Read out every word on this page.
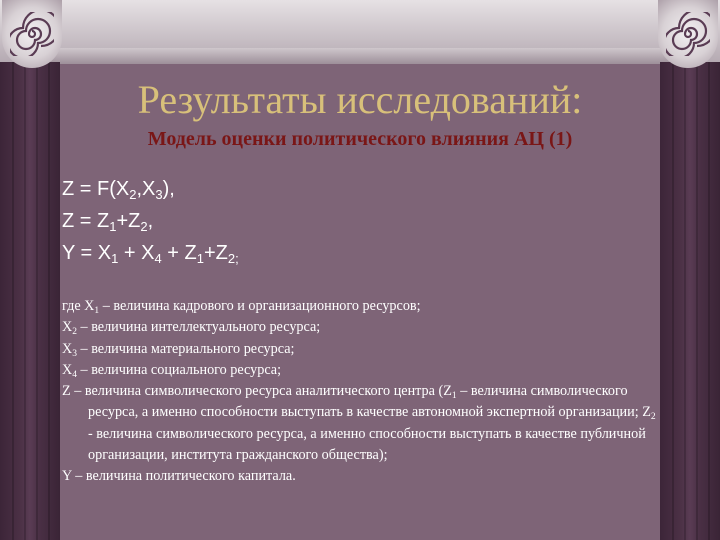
Результаты исследований:
Модель оценки политического влияния АЦ (1)

$Z = F(X_2,X_3)$,

$Z = Z_1+Z_2$,

$Y = X_1 + X_4 + Z_1+Z_{2;}$

где $X_1$ – величина кадрового и организационного ресурсов;

$X_2$ – величина интеллектуального ресурса;

$X_3$ – величина материального ресурса;

$X_4$ – величина социального ресурса;

Z – величина символического ресурса аналитического центра ($Z_1$ – величина символического ресурса, а именно способности выступать в качестве автономной экспертной организации; $Z_2$ - величина символического ресурса, а именно способности выступать в качестве публичной организации, института гражданского общества);

Y – величина политического капитала.
